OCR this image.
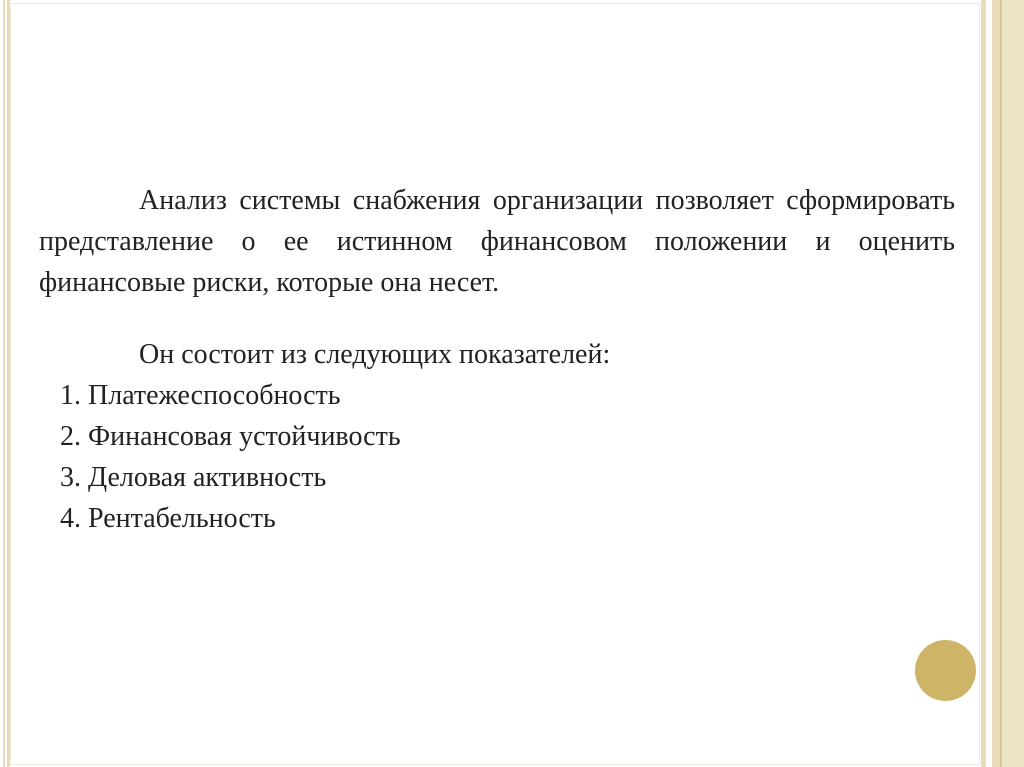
Анализ системы снабжения организации позволяет сформировать представление о ее истинном финансовом положении и оценить финансовые риски, которые она несет.
Он состоит из следующих показателей:
1. Платежеспособность
2. Финансовая устойчивость
3. Деловая активность
4. Рентабельность
